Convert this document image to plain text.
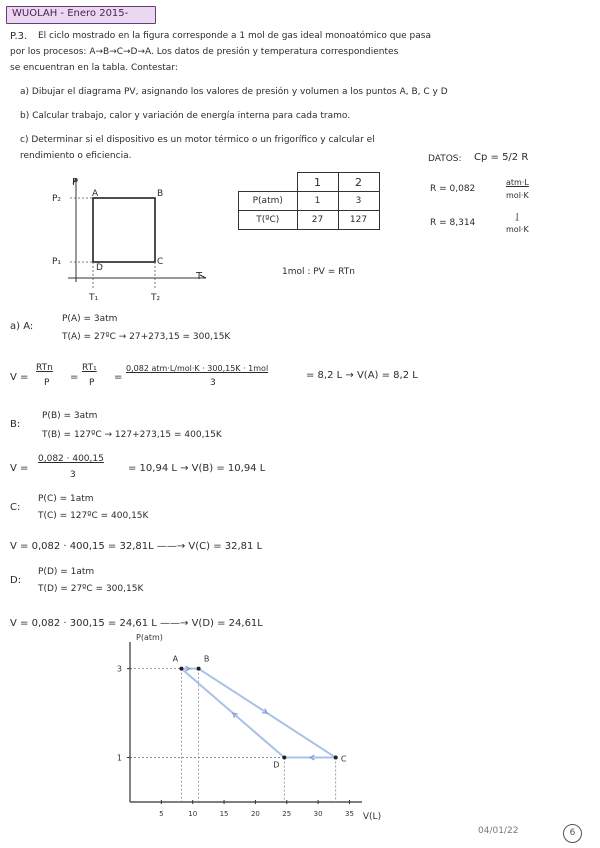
WUOLAH - Enero 2015-
P.3. El ciclo mostrado en la figura corresponde a 1 mol de gas ideal monoatómico que pasa
por los procesos: A→B→C→D→A. Los datos de presión y temperatura correspondientes
se encuentran en la tabla. Contestar:
a) Dibujar el diagrama PV, asignando los valores de presión y volumen a los puntos A, B, C y D
b) Calcular trabajo, calor y variación de energía interna para cada tramo.
c) Determinar si el dispositivo es un motor térmico o un frigorífico y calcular el
rendimiento o eficiencia.
P
T
P₂
P₁
T₁	T₂
A	B
C
D
	1	2
P(atm)	1	3
T(ºC)	27	127
DATOS: Cp = 5/2 R
R = 0,082
atm·L
mol·K
R = 8,314
J
mol·K
1mol : PV = RTn
a) A:
P(A) = 3atm
T(A) = 27ºC → 27+273,15 = 300,15K
V =
RTn
P =
RT₁
P =
0,082 atm·L/mol·K · 300,15K · 1mol
3
= 8,2 L → V(A) = 8,2 L
B:
P(B) = 3atm
T(B) = 127ºC → 127+273,15 = 400,15K
V =
0,082 · 400,15
3
= 10,94 L → V(B) = 10,94 L
C:
P(C) = 1atm
T(C) = 127ºC = 400,15K
V = 0,082 · 400,15 = 32,81L ——→ V(C) = 32,81 L
D:
P(D) = 1atm
T(D) = 27ºC = 300,15K
V = 0,082 · 300,15 = 24,61 L ——→ V(D) = 24,61L
P(atm)
V(L)
5	10	15	20	25	30	35
1
3
A	B
C
D
04/01/22	6
